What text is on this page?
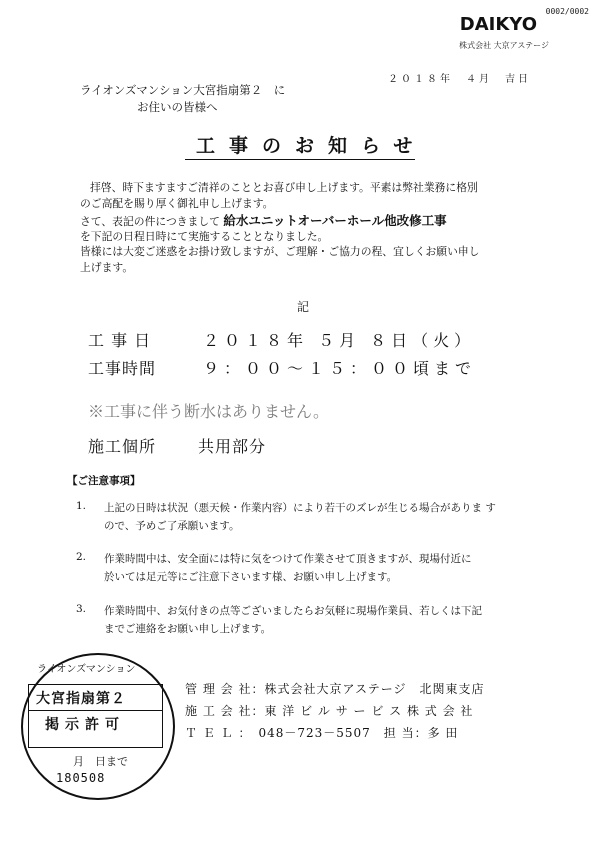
0002/0002
DAIKYO
株式会社 大京アステージ
２０１８年　４月　吉日
ライオンズマンション大宮指扇第２　に
お住いの皆様へ
工事のお知らせ
拝啓、時下ますますご清祥のこととお喜び申し上げます。平素は弊社業務に格別
のご高配を賜り厚く御礼申し上げます。
さて、表記の件につきまして 給水ユニットオーバーホール他改修工事
を下記の日程日時にて実施することとなりました。
皆様には大変ご迷惑をお掛け致しますが、ご理解・ご協力の程、宜しくお願い申し
上げます。
記
工 事 日	２０１８年 ５月 ８日（火）
工事時間	９：００～１５：００頃まで
※工事に伴う断水はありません。
施工個所	共用部分
【ご注意事項】
1. 上記の日時は状況（悪天候・作業内容）により若干のズレが生じる場合がありま す
ので、予めご了承願います。
2. 作業時間中は、安全面には特に気をつけて作業させて頂きますが、現場付近に
於いては足元等にご注意下さいます様、お願い申し上げます。
3. 作業時間中、お気付きの点等ございましたらお気軽に現場作業員、若しくは下記
までご連絡をお願い申し上げます。
管 理 会 社：株式会社大京アステージ　北関東支店
施 工 会 社：東 洋 ビ ル サ ー ビ ス 株 式 会 社
Ｔ Ｅ Ｌ ：　048－723－5507　担 当：多 田
ライオンズマンション
大宮指扇第２
掲示許可
月　日まで
180508
